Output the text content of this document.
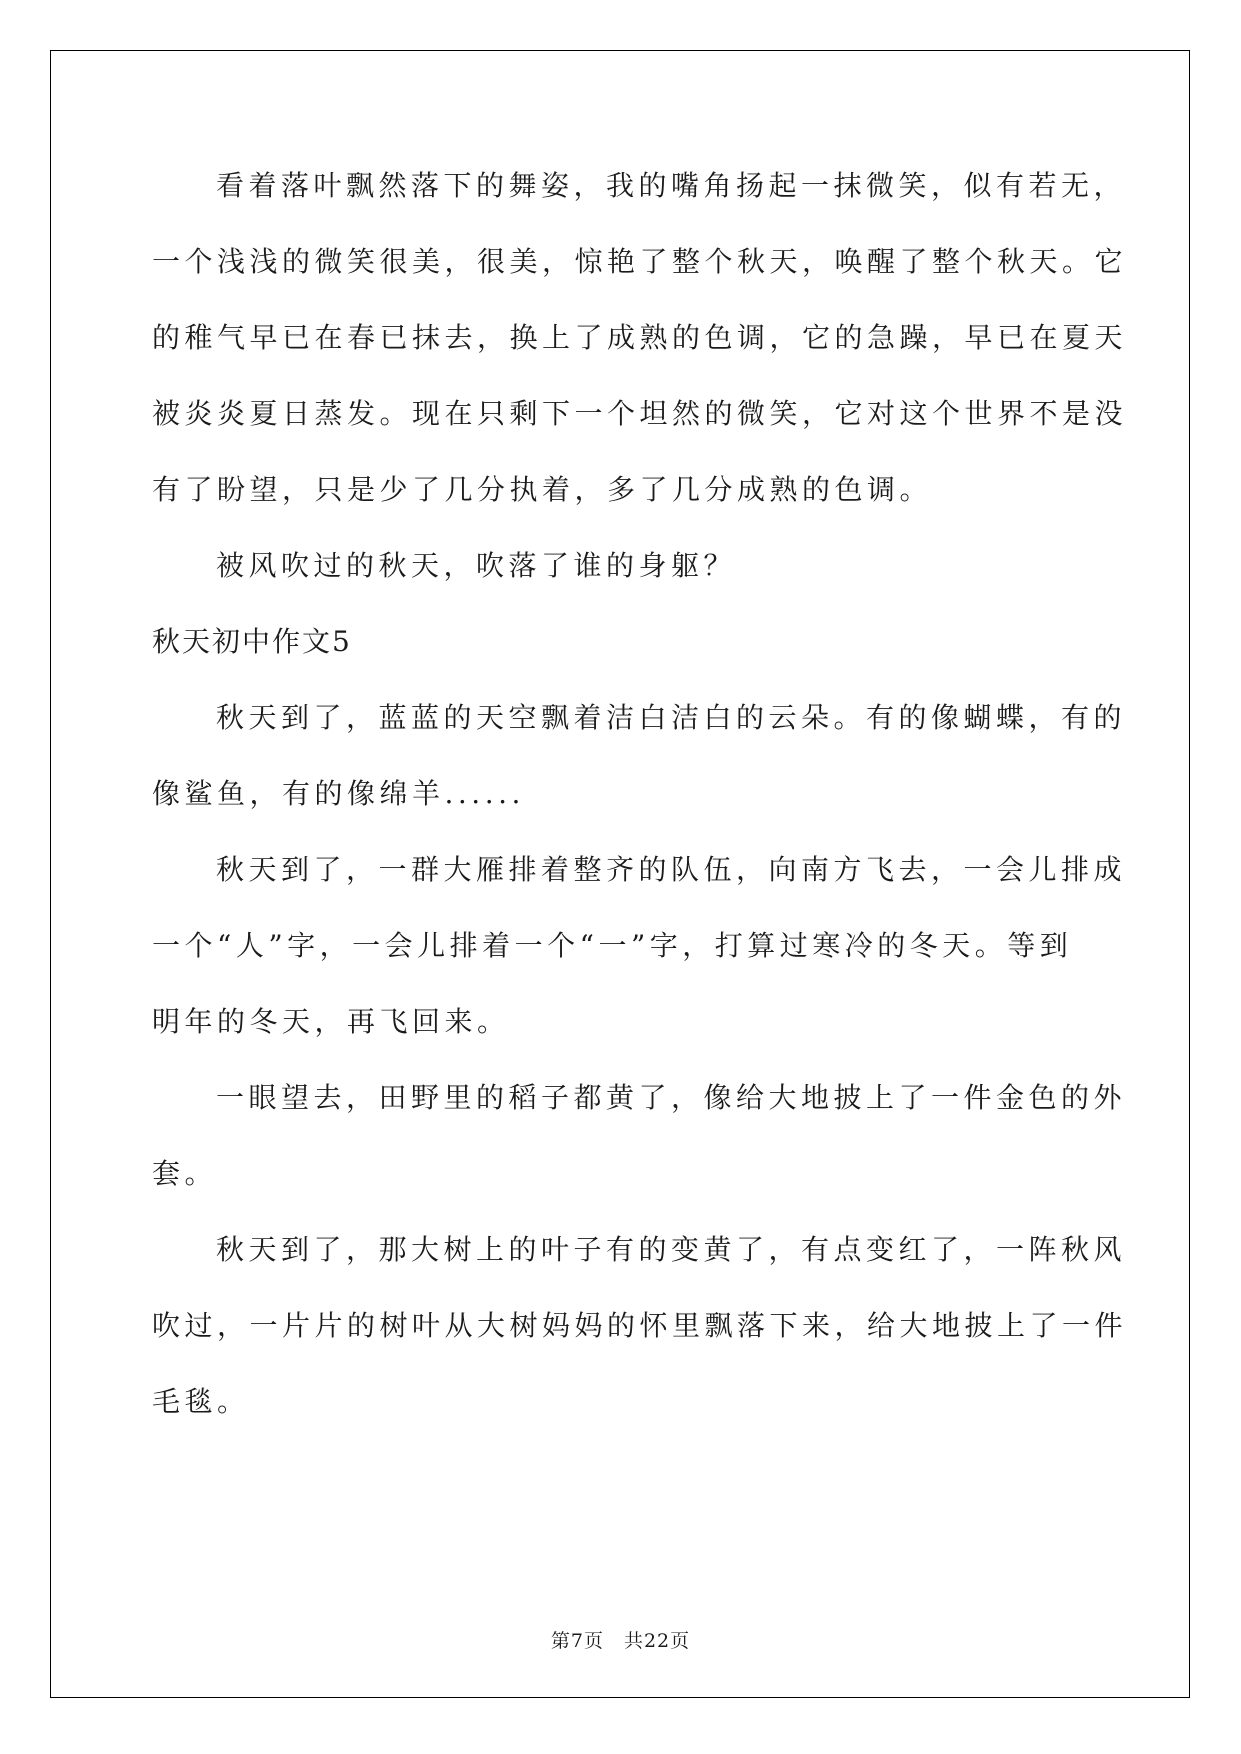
看着落叶飘然落下的舞姿，我的嘴角扬起一抹微笑，似有若无，
一个浅浅的微笑很美，很美，惊艳了整个秋天，唤醒了整个秋天。它
的稚气早已在春已抹去，换上了成熟的色调，它的急躁，早已在夏天
被炎炎夏日蒸发。现在只剩下一个坦然的微笑，它对这个世界不是没
有了盼望，只是少了几分执着，多了几分成熟的色调。
被风吹过的秋天，吹落了谁的身躯？
秋天初中作文5
秋天到了，蓝蓝的天空飘着洁白洁白的云朵。有的像蝴蝶，有的
像鲨鱼，有的像绵羊......
秋天到了，一群大雁排着整齐的队伍，向南方飞去，一会儿排成
一个“人”字，一会儿排着一个“一”字，打算过寒冷的冬天。等到
明年的冬天，再飞回来。
一眼望去，田野里的稻子都黄了，像给大地披上了一件金色的外
套。
秋天到了，那大树上的叶子有的变黄了，有点变红了，一阵秋风
吹过，一片片的树叶从大树妈妈的怀里飘落下来，给大地披上了一件
毛毯。
第7页　共22页
